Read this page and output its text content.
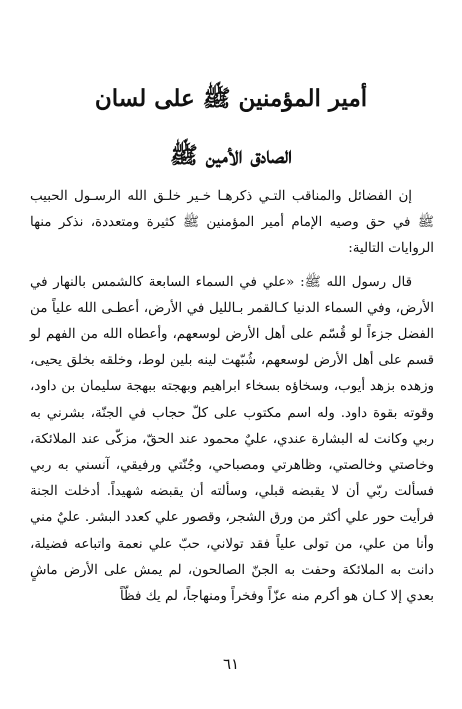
أمير المؤمنين ﷺ على لسان
الصادق الأمين ﷺ

إن الفضائل والمناقب التـي ذكرهـا خـير خلـق الله الرسـول الحبيب ﷺ في حق وصيه الإمام أمير المؤمنين ﷺ كثيرة ومتعددة، نذكر منها الروايات التالية:

قال رسول الله ﷺ: «علي في السماء السابعة كالشمس بالنهار في الأرض، وفي السماء الدنيا كـالقمر بـالليل في الأرض، أعطـى الله علياً من الفضل جزءاً لو قُسّم على أهل الأرض لوسعهم، وأعطاه الله من الفهم لو قسم على أهل الأرض لوسعهم، شُبّهت لينه بلين لوط، وخلقه بخلق يحيى، وزهده بزهد أيوب، وسخاؤه بسخاء ابراهيم وبهجته ببهجة سليمان بن داود، وقوته بقوة داود. وله اسم مكتوب على كلّ حجاب في الجنّة، بشرني به ربي وكانت له البشارة عندي، عليٌ محمود عند الحقّ، مزكّى عند الملائكة، وخاصتي وخالصتي، وظاهرتي ومصباحي، وجُنّتي ورفيقي، آنسني به ربي فسألت ربّي أن لا يقبضه قبلي، وسألته أن يقبضه شهيداً. أدخلت الجنة فرأيت حور علي أكثر من ورق الشجر، وقصور علي كعدد البشر. عليٌ مني وأنا من علي، من تولى علياً فقد تولاني، حبّ علي نعمة واتباعه فضيلة، دانت به الملائكة وحفت به الجنّ الصالحون، لم يمش على الأرض ماشٍ بعدي إلا كـان هو أكرم منه عزّاً وفخراً ومنهاجاً، لم يك فظّاً

٦١
